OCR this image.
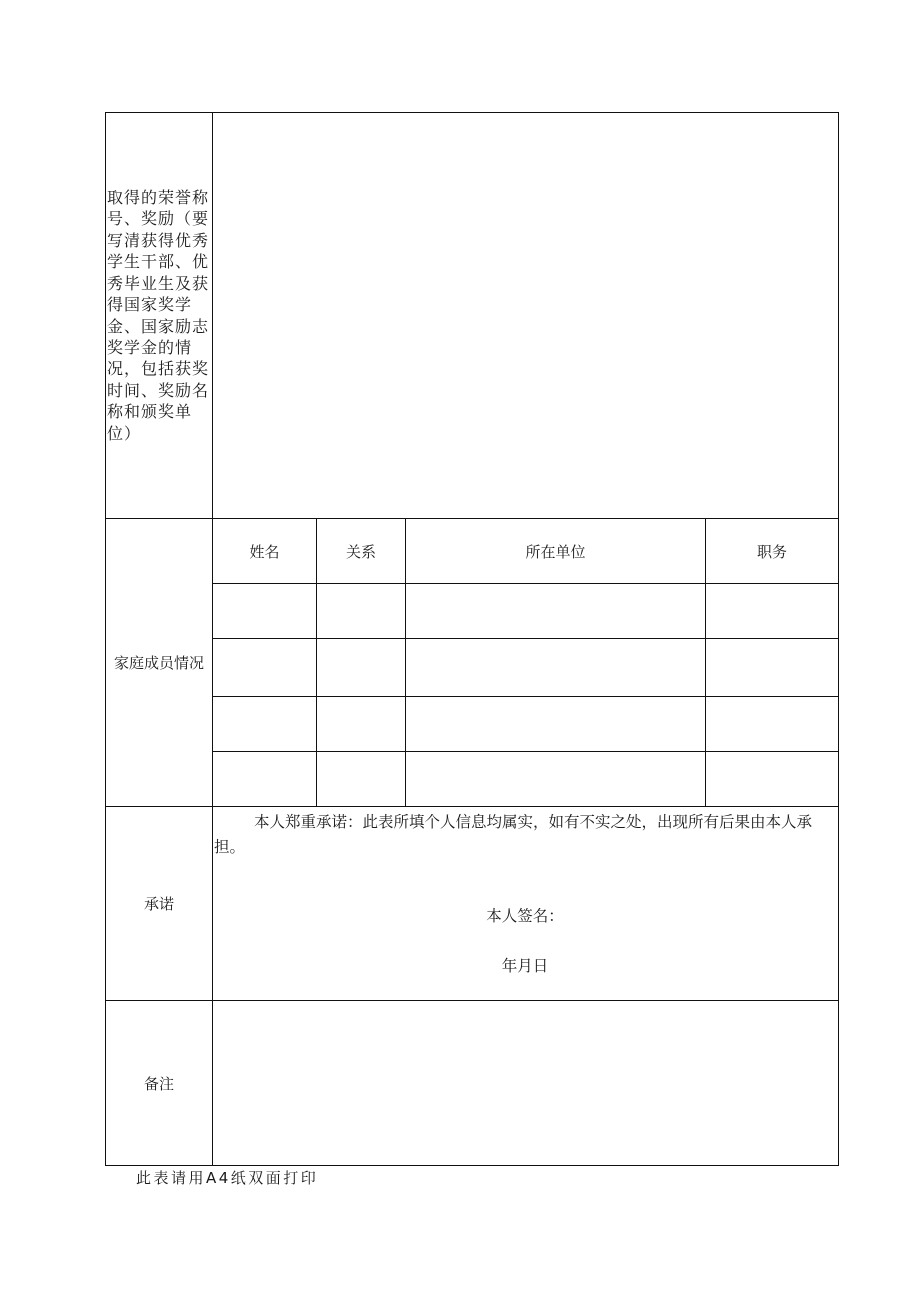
取得的荣誉称
号、奖励（要
写清获得优秀
学生干部、优
秀毕业生及获
得国家奖学
金、国家励志
奖学金的情
况，包括获奖
时间、奖励名
称和颁奖单
位）
家庭成员情况
姓名	关系	所在单位	职务
承诺
本人郑重承诺：此表所填个人信息均属实，如有不实之处，出现所有后果由本人承
担。
本人签名：
年月日
备注
此表请用A4纸双面打印
